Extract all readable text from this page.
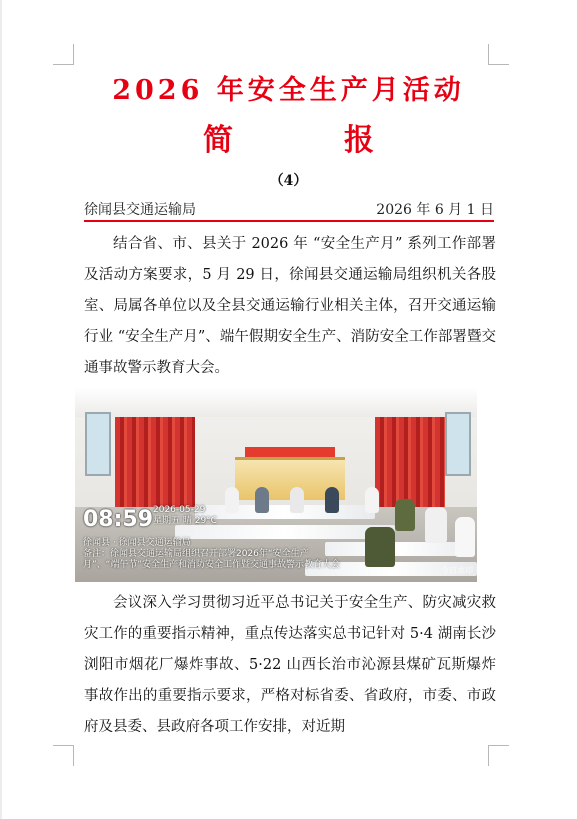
2026 年安全生产月活动
简	报
（4）
徐闻县交通运输局	2026 年 6 月 1 日
结合省、市、县关于 2026 年 “安全生产月” 系列工作部署及活动方案要求，5 月 29 日，徐闻县交通运输局组织机关各股室、局属各单位以及全县交通运输行业相关主体，召开交通运输行业 “安全生产月”、端午假期安全生产、消防安全工作部署暨交通事故警示教育大会。
08:59 2026-05-29
星期五 晴 29°C
徐闻县 · 徐闻县交通运输局
备注：徐闻县交通运输局组织召开部署2026年“安全生产月”、“端午节”安全生产和消防安全工作暨交通事故警示教育大会
今日水印
会议深入学习贯彻习近平总书记关于安全生产、防灾减灾救灾工作的重要指示精神，重点传达落实总书记针对 5·4 湖南长沙浏阳市烟花厂爆炸事故、5·22 山西长治市沁源县煤矿瓦斯爆炸事故作出的重要指示要求，严格对标省委、省政府，市委、市政府及县委、县政府各项工作安排，对近期
